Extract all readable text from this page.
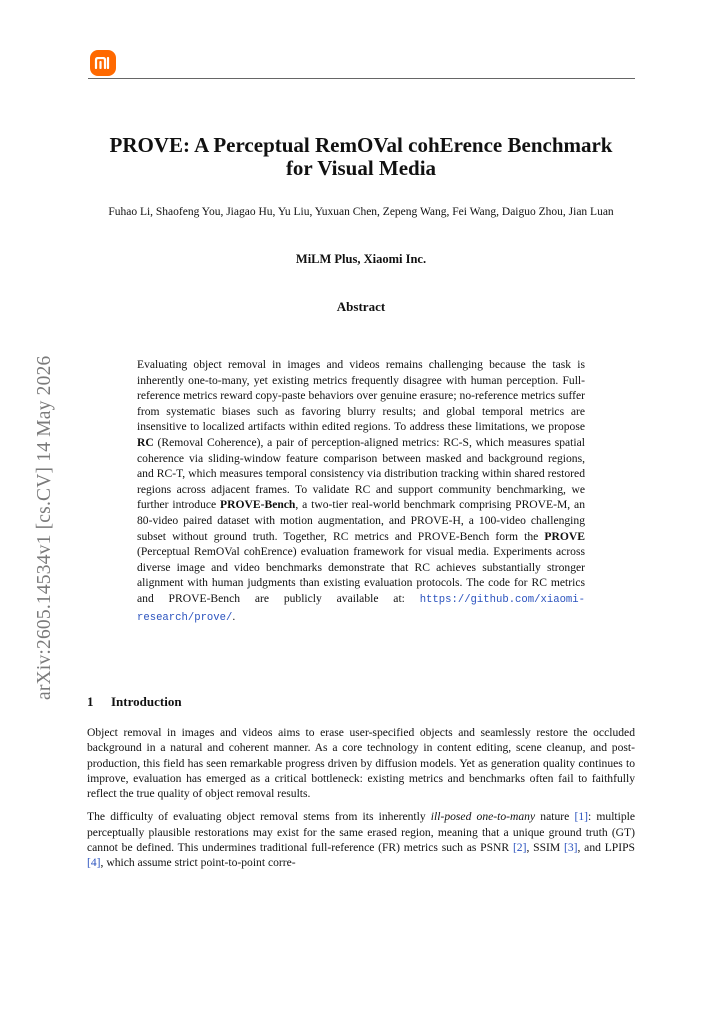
arXiv:2605.14534v1 [cs.CV] 14 May 2026
PROVE: A Perceptual RemOVal cohErence Benchmark
for Visual Media
Fuhao Li, Shaofeng You, Jiagao Hu, Yu Liu, Yuxuan Chen, Zepeng Wang, Fei Wang, Daiguo Zhou, Jian Luan
MiLM Plus, Xiaomi Inc.
Abstract

Evaluating object removal in images and videos remains challenging because the task is inherently one-to-many, yet existing metrics frequently disagree with human perception. Full-reference metrics reward copy-paste behaviors over genuine erasure; no-reference metrics suffer from systematic biases such as favoring blurry results; and global temporal metrics are insensitive to localized artifacts within edited regions. To address these limitations, we propose RC (Removal Coherence), a pair of perception-aligned metrics: RC-S, which measures spatial coherence via sliding-window feature comparison between masked and background regions, and RC-T, which measures temporal consistency via distribution tracking within shared restored regions across adjacent frames. To validate RC and support community benchmarking, we further introduce PROVE-Bench, a two-tier real-world benchmark comprising PROVE-M, an 80-video paired dataset with motion augmentation, and PROVE-H, a 100-video challenging subset without ground truth. Together, RC metrics and PROVE-Bench form the PROVE (Perceptual RemOVal cohErence) evaluation framework for visual media. Experiments across diverse image and video benchmarks demonstrate that RC achieves substantially stronger alignment with human judgments than existing evaluation protocols. The code for RC metrics and PROVE-Bench are publicly available at: https://github.com/xiaomi-research/prove/.

1 Introduction

Object removal in images and videos aims to erase user-specified objects and seamlessly restore the occluded background in a natural and coherent manner. As a core technology in content editing, scene cleanup, and post-production, this field has seen remarkable progress driven by diffusion models. Yet as generation quality continues to improve, evaluation has emerged as a critical bottleneck: existing metrics and benchmarks often fail to faithfully reflect the true quality of object removal results.

The difficulty of evaluating object removal stems from its inherently ill-posed one-to-many nature [1]: multiple perceptually plausible restorations may exist for the same erased region, meaning that a unique ground truth (GT) cannot be defined. This undermines traditional full-reference (FR) metrics such as PSNR [2], SSIM [3], and LPIPS [4], which assume strict point-to-point corre-
